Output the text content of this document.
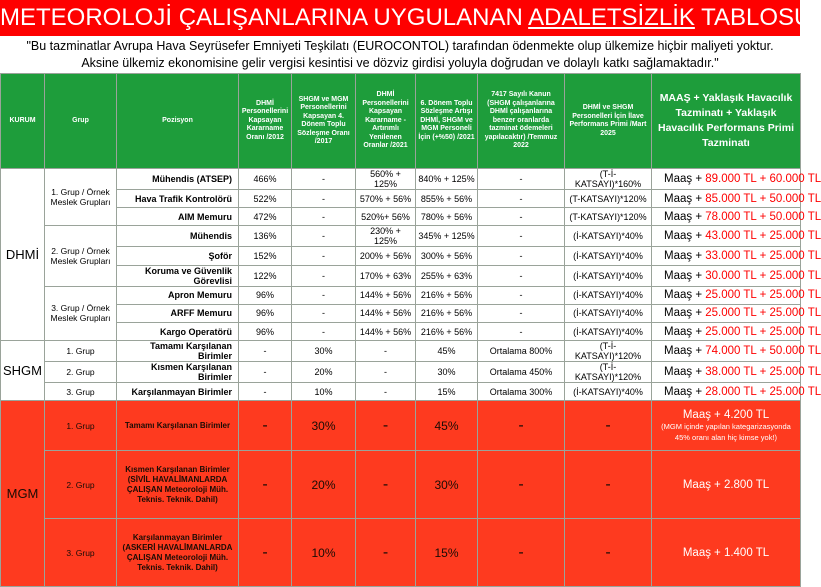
METEOROLOJİ ÇALIŞANLARINA UYGULANAN ADALETSİZLİK TABLOSU
"Bu tazminatlar Avrupa Hava Seyrüsefer Emniyeti Teşkilatı (EUROCONTOL) tarafından ödenmekte olup ülkemize hiçbir maliyeti yoktur.
Aksine ülkemiz ekonomisine gelir vergisi kesintisi ve dözviz girdisi yoluyla doğrudan ve dolaylı katkı sağlamaktadır."
KURUM	Grup	Pozisyon	DHMİ Personellerini Kapsayan Kararname Oranı /2012	SHGM ve MGM Personellerini Kapsayan 4. Dönem Toplu Sözleşme Oranı /2017	DHMİ Personellerini Kapsayan Kararname - Artırımlı Yenilenen Oranlar /2021	6. Dönem Toplu Sözleşme Artışı DHMİ, SHGM ve MGM Personeli İçin (+%50) /2021	7417 Sayılı Kanun (SHGM çalışanlarına DHMİ çalışanlarına benzer oranlarda tazminat ödemeleri yapılacaktır) /Temmuz 2022	DHMİ ve SHGM Personelleri İçin İlave Performans Primi /Mart 2025	MAAŞ + Yaklaşık Havacılık Tazminatı + Yaklaşık Havacılık Performans Primi Tazminatı
DHMİ	1. Grup / Örnek Meslek Grupları	Mühendis (ATSEP)	466%	-	560% + 125%	840% + 125%	-	(T-İ-KATSAYI)*160%	Maaş + 89.000 TL + 60.000 TL
		Hava Trafik Kontrolörü	522%	-	570% + 56%	855% + 56%	-	(T-KATSAYI)*120%	Maaş + 85.000 TL + 50.000 TL
		AIM Memuru	472%	-	520%+ 56%	780% + 56%	-	(T-KATSAYI)*120%	Maaş + 78.000 TL + 50.000 TL
	2. Grup / Örnek Meslek Grupları	Mühendis	136%	-	230% + 125%	345% + 125%	-	(İ-KATSAYI)*40%	Maaş + 43.000 TL + 25.000 TL
		Şoför	152%	-	200% + 56%	300% + 56%	-	(İ-KATSAYI)*40%	Maaş + 33.000 TL + 25.000 TL
		Koruma ve Güvenlik Görevlisi	122%	-	170% + 63%	255% + 63%	-	(İ-KATSAYI)*40%	Maaş + 30.000 TL + 25.000 TL
	3. Grup / Örnek Meslek Grupları	Apron Memuru	96%	-	144% + 56%	216% + 56%	-	(İ-KATSAYI)*40%	Maaş + 25.000 TL + 25.000 TL
		ARFF Memuru	96%	-	144% + 56%	216% + 56%	-	(İ-KATSAYI)*40%	Maaş + 25.000 TL + 25.000 TL
		Kargo Operatörü	96%	-	144% + 56%	216% + 56%	-	(İ-KATSAYI)*40%	Maaş + 25.000 TL + 25.000 TL
SHGM	1. Grup	Tamamı Karşılanan Birimler	-	30%	-	45%	Ortalama 800%	(T-İ-KATSAYI)*120%	Maaş + 74.000 TL + 50.000 TL
	2. Grup	Kısmen Karşılanan Birimler	-	20%	-	30%	Ortalama 450%	(T-İ-KATSAYI)*120%	Maaş + 38.000 TL + 25.000 TL
	3. Grup	Karşılanmayan Birimler	-	10%	-	15%	Ortalama 300%	(İ-KATSAYI)*40%	Maaş + 28.000 TL + 25.000 TL
MGM	1. Grup	Tamamı Karşılanan Birimler	-	30%	-	45%	-	-	Maaş + 4.200 TL
(MGM içinde yapılan kategarizasyonda 45% oranı alan hiç kimse yok!)

	2. Grup	Kısmen Karşılanan Birimler (SİVİL HAVALİMANLARDA ÇALIŞAN Meteoroloji Müh. Teknis. Teknik. Dahil)	-	20%	-	30%	-	-	Maaş + 2.800 TL
	3. Grup	Karşılanmayan Birimler (ASKERİ HAVALİMANLARDA ÇALIŞAN Meteoroloji Müh. Teknis. Teknik. Dahil)	-	10%	-	15%	-	-	Maaş + 1.400 TL
